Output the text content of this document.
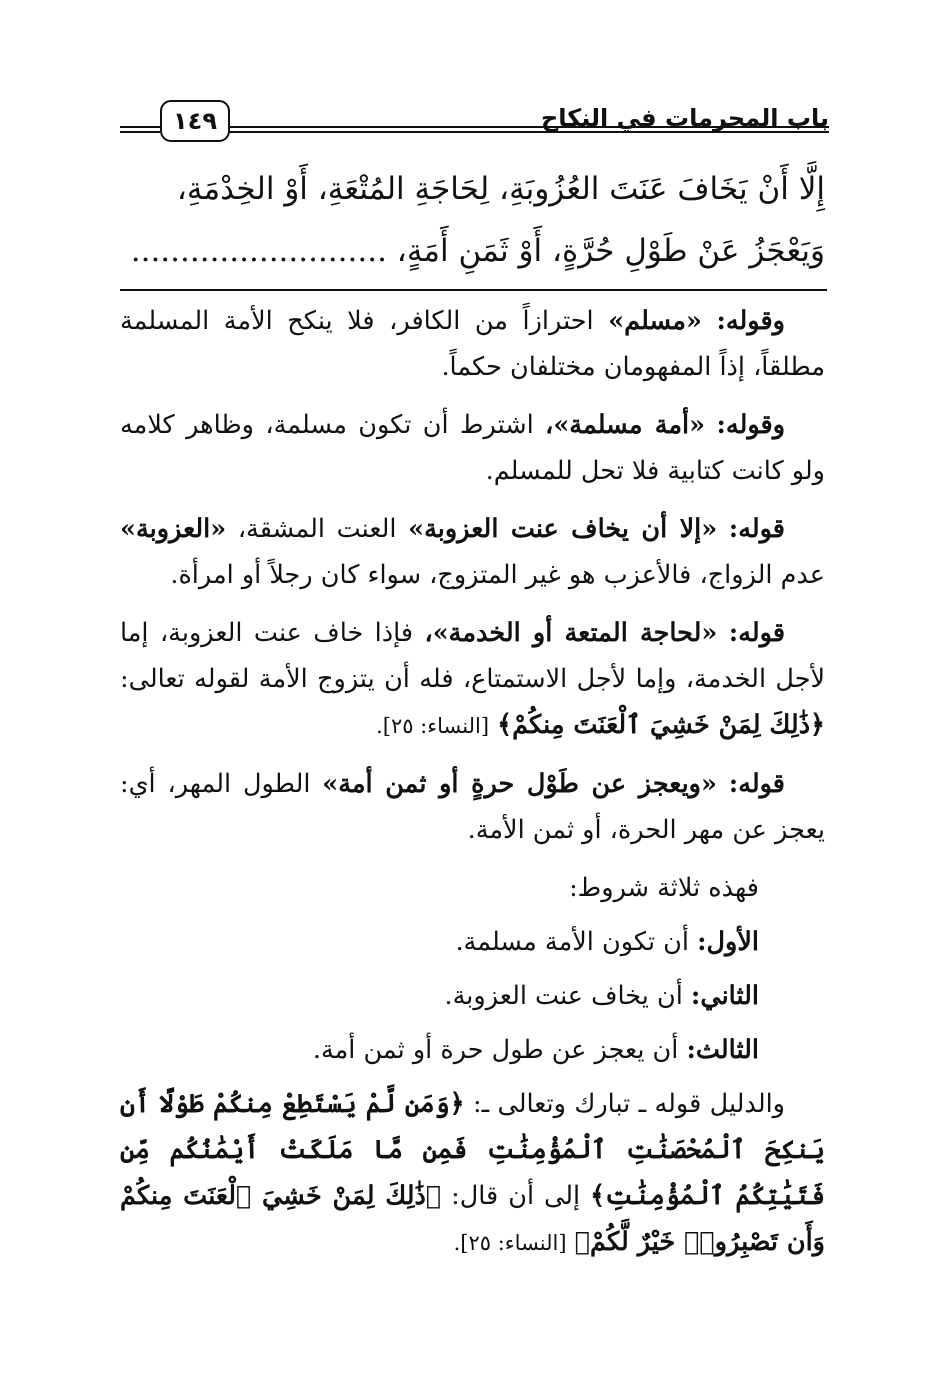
باب المحرمات في النكاح
١٤٩

إِلَّا أَنْ يَخَافَ عَنَتَ العُزُوبَةِ، لِحَاجَةِ المُتْعَةِ، أَوْ الخِدْمَةِ،

وَيَعْجَزُ عَنْ طَوْلِ حُرَّةٍ، أَوْ ثَمَنِ أَمَةٍ، ..........................

وقوله: «مسلم» احترازاً من الكافر، فلا ينكح الأمة المسلمة مطلقاً، إذاً المفهومان مختلفان حكماً.

وقوله: «أمة مسلمة»، اشترط أن تكون مسلمة، وظاهر كلامه ولو كانت كتابية فلا تحل للمسلم.

قوله: «إلا أن يخاف عنت العزوبة» العنت المشقة، «العزوبة» عدم الزواج، فالأعزب هو غير المتزوج، سواء كان رجلاً أو امرأة.

قوله: «لحاجة المتعة أو الخدمة»، فإذا خاف عنت العزوبة، إما لأجل الخدمة، وإما لأجل الاستمتاع، فله أن يتزوج الأمة لقوله تعالى: ﴿ذَٰلِكَ لِمَنْ خَشِيَ ٱلْعَنَتَ مِنكُمْ﴾ [النساء: ٢٥].

قوله: «ويعجز عن طَوْل حرةٍ أو ثمن أمة» الطول المهر، أي: يعجز عن مهر الحرة، أو ثمن الأمة.

فهذه ثلاثة شروط:

الأول: أن تكون الأمة مسلمة.

الثاني: أن يخاف عنت العزوبة.

الثالث: أن يعجز عن طول حرة أو ثمن أمة.

والدليل قوله ـ تبارك وتعالى ـ: ﴿وَمَن لَّمْ يَسْتَطِعْ مِنكُمْ طَوْلًا أَن يَنكِحَ ٱلْمُحْصَنَٰتِ ٱلْمُؤْمِنَٰتِ فَمِن مَّا مَلَكَتْ أَيْمَٰنُكُم مِّن فَتَيَٰتِكُمُ ٱلْمُؤْمِنَٰتِ﴾ إلى أن قال: ﴿ذَٰلِكَ لِمَنْ خَشِيَ ٱلْعَنَتَ مِنكُمْ وَأَن تَصْبِرُوا۟ خَيْرٌ لَّكُمْ﴾ [النساء: ٢٥].
